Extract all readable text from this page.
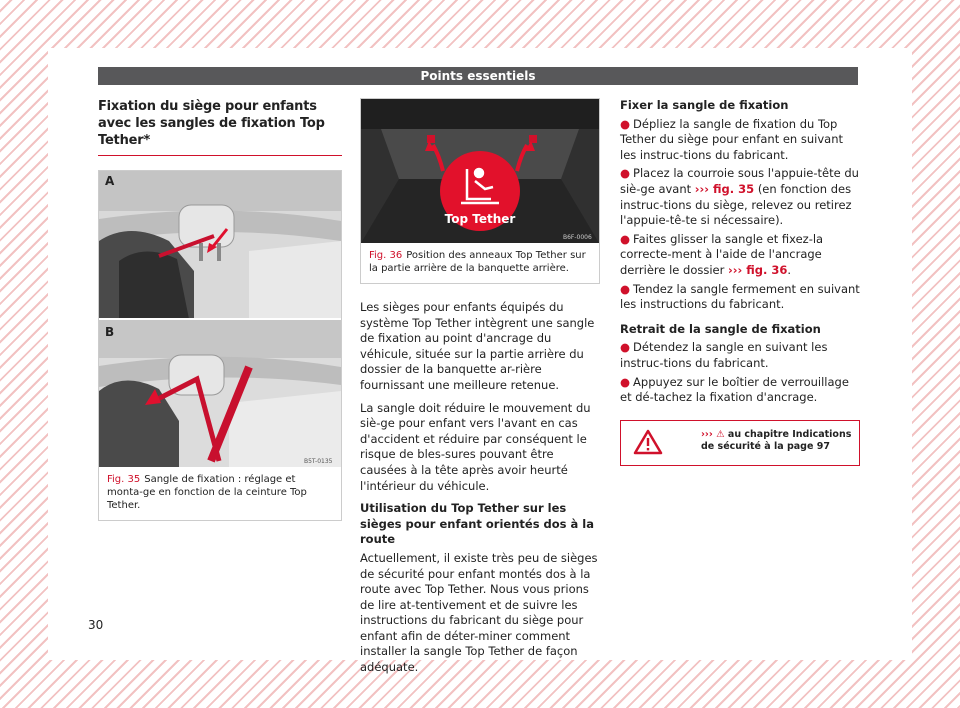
Points essentiels
Fixation du siège pour enfants avec les sangles de fixation Top Tether*
A
B
B5T-0135
Fig. 35 Sangle de fixation : réglage et monta-ge en fonction de la ceinture Top Tether.
Top Tether
B6F-0006
Fig. 36 Position des anneaux Top Tether sur la partie arrière de la banquette arrière.

Les sièges pour enfants équipés du système Top Tether intègrent une sangle de fixation au point d'ancrage du véhicule, située sur la partie arrière du dossier de la banquette ar-rière fournissant une meilleure retenue.

La sangle doit réduire le mouvement du siè-ge pour enfant vers l'avant en cas d'accident et réduire par conséquent le risque de bles-sures pouvant être causées à la tête après avoir heurté l'intérieur du véhicule.

Utilisation du Top Tether sur les sièges pour enfant orientés dos à la route

Actuellement, il existe très peu de sièges de sécurité pour enfant montés dos à la route avec Top Tether. Nous vous prions de lire at-tentivement et de suivre les instructions du fabricant du siège pour enfant afin de déter-miner comment installer la sangle Top Tether de façon adéquate.

Fixer la sangle de fixation

● Dépliez la sangle de fixation du Top Tether du siège pour enfant en suivant les instruc-tions du fabricant.
● Placez la courroie sous l'appuie-tête du siè-ge avant ››› fig. 35 (en fonction des instruc-tions du siège, relevez ou retirez l'appuie-tê-te si nécessaire).
● Faites glisser la sangle et fixez-la correcte-ment à l'aide de l'ancrage derrière le dossier ››› fig. 36.
● Tendez la sangle fermement en suivant les instructions du fabricant.

Retrait de la sangle de fixation

● Détendez la sangle en suivant les instruc-tions du fabricant.
● Appuyez sur le boîtier de verrouillage et dé-tachez la fixation d'ancrage.
››› ⚠ au chapitre Indications de sécurité à la page 97
30
